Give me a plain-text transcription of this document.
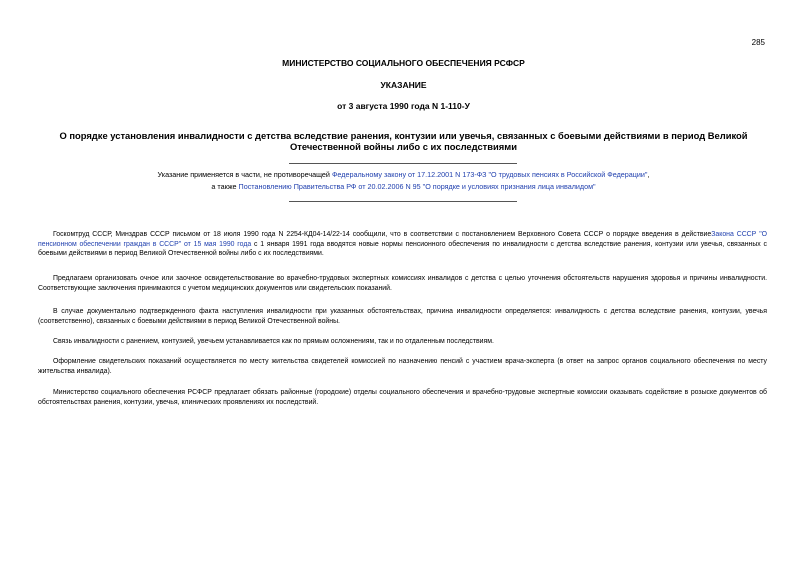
285
МИНИСТЕРСТВО СОЦИАЛЬНОГО ОБЕСПЕЧЕНИЯ РСФСР
УКАЗАНИЕ
от 3 августа 1990 года N 1-110-У
О порядке установления инвалидности с детства вследствие ранения, контузии или увечья, связанных с боевыми действиями в период Великой Отечественной войны либо с их последствиями
Указание применяется в части, не противоречащей Федеральному закону от 17.12.2001 N 173-ФЗ "О трудовых пенсиях в Российской Федерации",
а также Постановлению Правительства РФ от 20.02.2006 N 95 "О порядке и условиях признания лица инвалидом"
Госкомтруд СССР, Минздрав СССР письмом от 18 июля 1990 года N 2254-КД04-14/22-14 сообщили, что в соответствии с постановлением Верховного Совета СССР о порядке введения в действиеЗакона СССР "О пенсионном обеспечении граждан в СССР" от 15 мая 1990 года с 1 января 1991 года вводятся новые нормы пенсионного обеспечения по инвалидности с детства вследствие ранения, контузии или увечья, связанных с боевыми действиями в период Великой Отечественной войны либо с их последствиями.
Предлагаем организовать очное или заочное освидетельствование во врачебно-трудовых экспертных комиссиях инвалидов с детства с целью уточнения обстоятельств нарушения здоровья и причины инвалидности. Соответствующие заключения принимаются с учетом медицинских документов или свидетельских показаний.
В случае документально подтвержденного факта наступления инвалидности при указанных обстоятельствах, причина инвалидности определяется: инвалидность с детства вследствие ранения, контузии, увечья (соответственно), связанных с боевыми действиями в период Великой Отечественной войны.
Связь инвалидности с ранением, контузией, увечьем устанавливается как по прямым осложнениям, так и по отдаленным последствиям.
Оформление свидетельских показаний осуществляется по месту жительства свидетелей комиссией по назначению пенсий с участием врача-эксперта (в ответ на запрос органов социального обеспечения по месту жительства инвалида).
Министерство социального обеспечения РСФСР предлагает обязать районные (городские) отделы социального обеспечения и врачебно-трудовые экспертные комиссии оказывать содействие в розыске документов об обстоятельствах ранения, контузии, увечья, клинических проявлениях их последствий.
